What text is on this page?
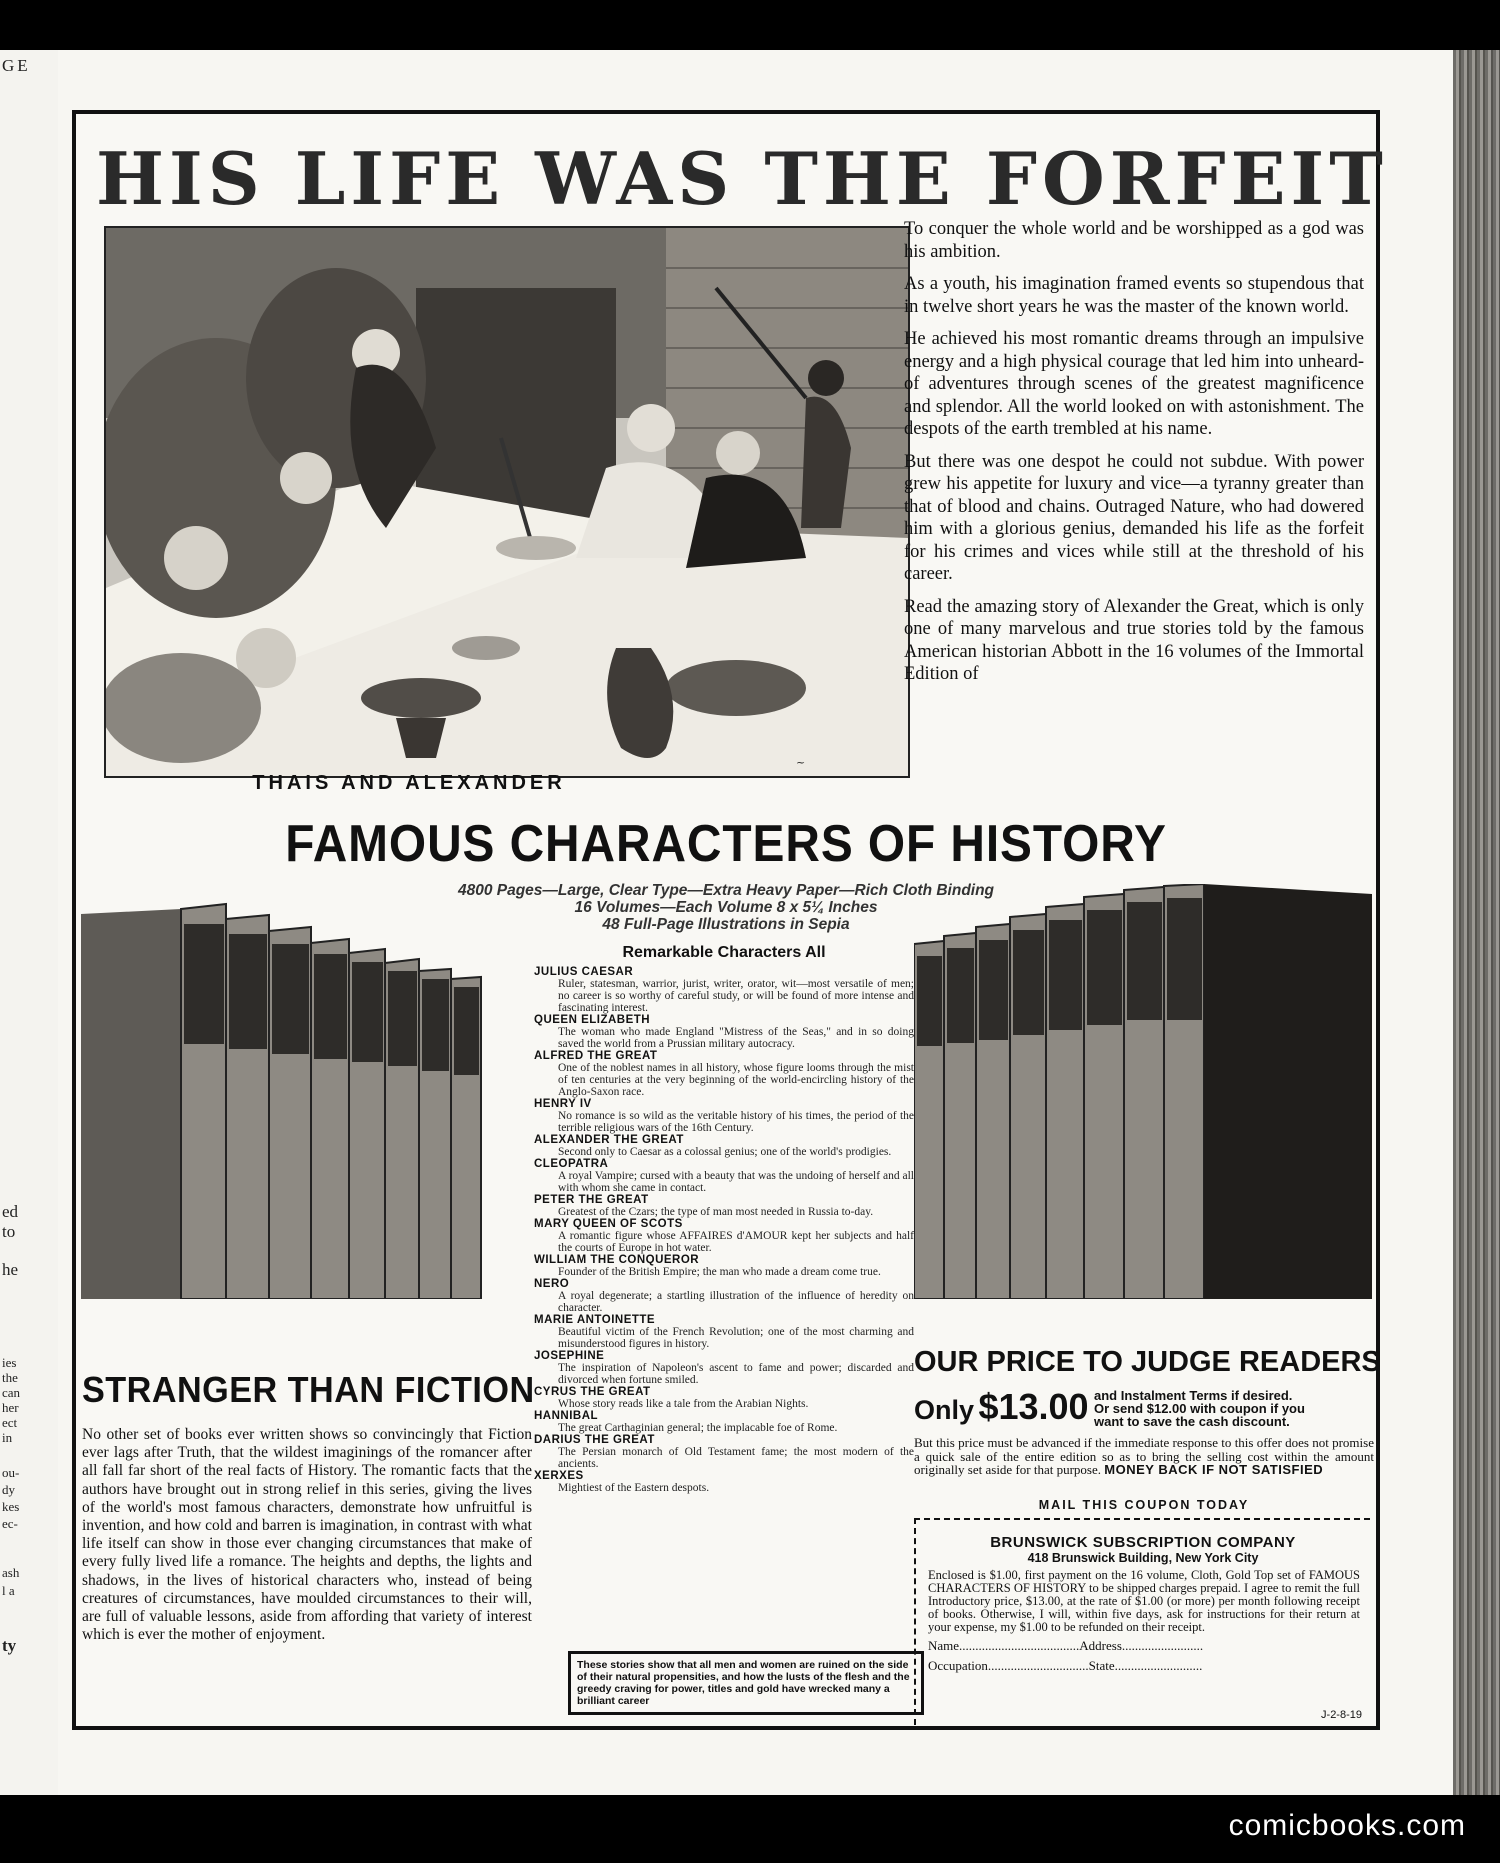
GE
ed
to
he
ies
the
can
her
ect
in
ou-
dy
kes
ec-
ash
l a
ty
HIS LIFE WAS THE FORFEIT
~
THAIS AND ALEXANDER

To conquer the whole world and be worshipped as a god was his ambition.

As a youth, his imagination framed events so stupendous that in twelve short years he was the master of the known world.

He achieved his most romantic dreams through an impulsive energy and a high physical courage that led him into unheard-of adventures through scenes of the greatest magnificence and splendor. All the world looked on with astonishment. The despots of the earth trembled at his name.

But there was one despot he could not subdue. With power grew his appetite for luxury and vice—a tyranny greater than that of blood and chains. Outraged Nature, who had dowered him with a glorious genius, demanded his life as the forfeit for his crimes and vices while still at the threshold of his career.

Read the amazing story of Alexander the Great, which is only one of many marvelous and true stories told by the famous American historian Abbott in the 16 volumes of the Immortal Edition of

FAMOUS CHARACTERS OF HISTORY
4800 Pages—Large, Clear Type—Extra Heavy Paper—Rich Cloth Binding
16 Volumes—Each Volume 8 x 5¼ Inches
48 Full-Page Illustrations in Sepia
Remarkable Characters All
JULIUS CAESAR
Ruler, statesman, warrior, jurist, writer, orator, wit—most versatile of men; no career is so worthy of careful study, or will be found of more intense and fascinating interest.
QUEEN ELIZABETH
The woman who made England "Mistress of the Seas," and in so doing saved the world from a Prussian military autocracy.
ALFRED THE GREAT
One of the noblest names in all history, whose figure looms through the mist of ten centuries at the very beginning of the world-encircling history of the Anglo-Saxon race.
HENRY IV
No romance is so wild as the veritable history of his times, the period of the terrible religious wars of the 16th Century.
ALEXANDER THE GREAT
Second only to Caesar as a colossal genius; one of the world's prodigies.
CLEOPATRA
A royal Vampire; cursed with a beauty that was the undoing of herself and all with whom she came in contact.
PETER THE GREAT
Greatest of the Czars; the type of man most needed in Russia to-day.
MARY QUEEN OF SCOTS
A romantic figure whose AFFAIRES d'AMOUR kept her subjects and half the courts of Europe in hot water.
WILLIAM THE CONQUEROR
Founder of the British Empire; the man who made a dream come true.
NERO
A royal degenerate; a startling illustration of the influence of heredity on character.
MARIE ANTOINETTE
Beautiful victim of the French Revolution; one of the most charming and misunderstood figures in history.
JOSEPHINE
The inspiration of Napoleon's ascent to fame and power; discarded and divorced when fortune smiled.
CYRUS THE GREAT
Whose story reads like a tale from the Arabian Nights.
HANNIBAL
The great Carthaginian general; the implacable foe of Rome.
DARIUS THE GREAT
The Persian monarch of Old Testament fame; the most modern of the ancients.
XERXES
Mightiest of the Eastern despots.
These stories show that all men and women are ruined on the side of their natural propensities, and how the lusts of the flesh and the greedy craving for power, titles and gold have wrecked many a brilliant career
STRANGER THAN FICTION
No other set of books ever written shows so convincingly that Fiction ever lags after Truth, that the wildest imaginings of the romancer after all fall far short of the real facts of History. The romantic facts that the authors have brought out in strong relief in this series, giving the lives of the world's most famous characters, demonstrate how unfruitful is invention, and how cold and barren is imagination, in contrast with what life itself can show in those ever changing circumstances that make of every fully lived life a romance. The heights and depths, the lights and shadows, in the lives of historical characters who, instead of being creatures of circumstances, have moulded circumstances to their will, are full of valuable lessons, aside from affording that variety of interest which is ever the mother of enjoyment.
OUR PRICE TO JUDGE READERS
Only $13.00 and Instalment Terms if desired.
Or send $12.00 with coupon if you
want to save the cash discount.
But this price must be advanced if the immediate response to this offer does not promise a quick sale of the entire edition so as to bring the selling cost within the amount originally set aside for that purpose. MONEY BACK IF NOT SATISFIED
MAIL THIS COUPON TODAY
BRUNSWICK SUBSCRIPTION COMPANY
418 Brunswick Building, New York City
Enclosed is $1.00, first payment on the 16 volume, Cloth, Gold Top set of FAMOUS CHARACTERS OF HISTORY to be shipped charges prepaid. I agree to remit the full Introductory price, $13.00, at the rate of $1.00 (or more) per month following receipt of books. Otherwise, I will, within five days, ask for instructions for their return at your expense, my $1.00 to be refunded on their receipt.
Name.....................................Address.........................
Occupation...............................State...........................
J-2-8-19
comicbooks.com
